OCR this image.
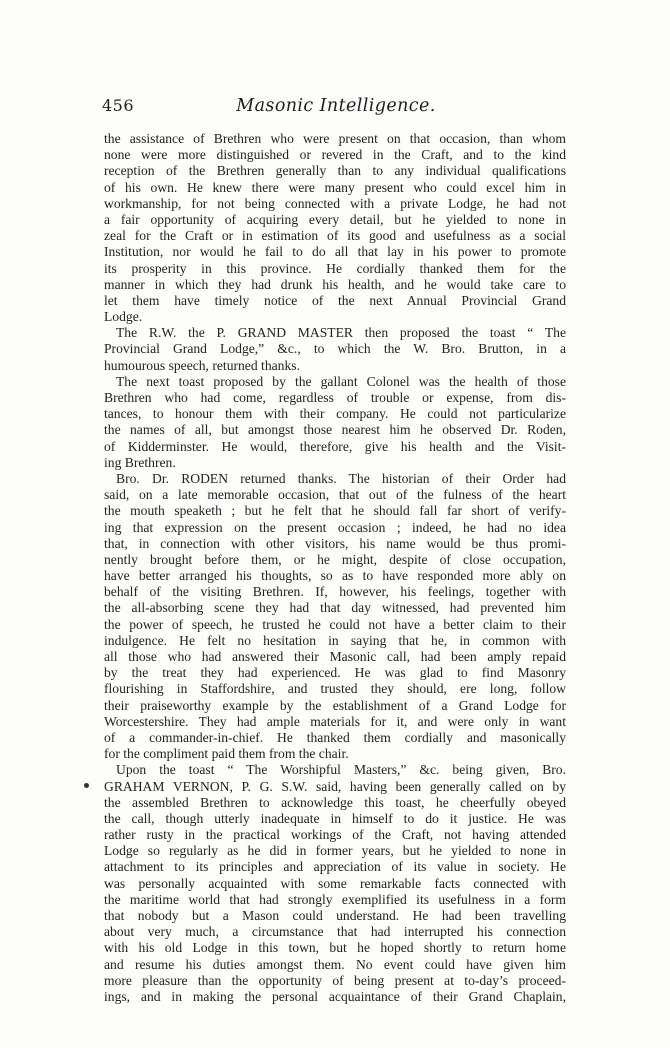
456	Masonic Intelligence.
the assistance of Brethren who were present on that occasion, than whom
none were more distinguished or revered in the Craft, and to the kind
reception of the Brethren generally than to any individual qualifications
of his own. He knew there were many present who could excel him in
workmanship, for not being connected with a private Lodge, he had not
a fair opportunity of acquiring every detail, but he yielded to none in
zeal for the Craft or in estimation of its good and usefulness as a social
Institution, nor would he fail to do all that lay in his power to promote
its prosperity in this province. He cordially thanked them for the
manner in which they had drunk his health, and he would take care to
let them have timely notice of the next Annual Provincial Grand
Lodge.
The R.W. the P. GRAND MASTER then proposed the toast “ The
Provincial Grand Lodge,” &c., to which the W. Bro. Brutton, in a
humourous speech, returned thanks.
The next toast proposed by the gallant Colonel was the health of those
Brethren who had come, regardless of trouble or expense, from dis-
tances, to honour them with their company. He could not particularize
the names of all, but amongst those nearest him he observed Dr. Roden,
of Kidderminster. He would, therefore, give his health and the Visit-
ing Brethren.
Bro. Dr. RODEN returned thanks. The historian of their Order had
said, on a late memorable occasion, that out of the fulness of the heart
the mouth speaketh ; but he felt that he should fall far short of verify-
ing that expression on the present occasion ; indeed, he had no idea
that, in connection with other visitors, his name would be thus promi-
nently brought before them, or he might, despite of close occupation,
have better arranged his thoughts, so as to have responded more ably on
behalf of the visiting Brethren. If, however, his feelings, together with
the all-absorbing scene they had that day witnessed, had prevented him
the power of speech, he trusted he could not have a better claim to their
indulgence. He felt no hesitation in saying that he, in common with
all those who had answered their Masonic call, had been amply repaid
by the treat they had experienced. He was glad to find Masonry
flourishing in Staffordshire, and trusted they should, ere long, follow
their praiseworthy example by the establishment of a Grand Lodge for
Worcestershire. They had ample materials for it, and were only in want
of a commander-in-chief. He thanked them cordially and masonically
for the compliment paid them from the chair.
Upon the toast “ The Worshipful Masters,” &c. being given, Bro.
GRAHAM VERNON, P. G. S.W. said, having been generally called on by
the assembled Brethren to acknowledge this toast, he cheerfully obeyed
the call, though utterly inadequate in himself to do it justice. He was
rather rusty in the practical workings of the Craft, not having attended
Lodge so regularly as he did in former years, but he yielded to none in
attachment to its principles and appreciation of its value in society. He
was personally acquainted with some remarkable facts connected with
the maritime world that had strongly exemplified its usefulness in a form
that nobody but a Mason could understand. He had been travelling
about very much, a circumstance that had interrupted his connection
with his old Lodge in this town, but he hoped shortly to return home
and resume his duties amongst them. No event could have given him
more pleasure than the opportunity of being present at to-day’s proceed-
ings, and in making the personal acquaintance of their Grand Chaplain,
